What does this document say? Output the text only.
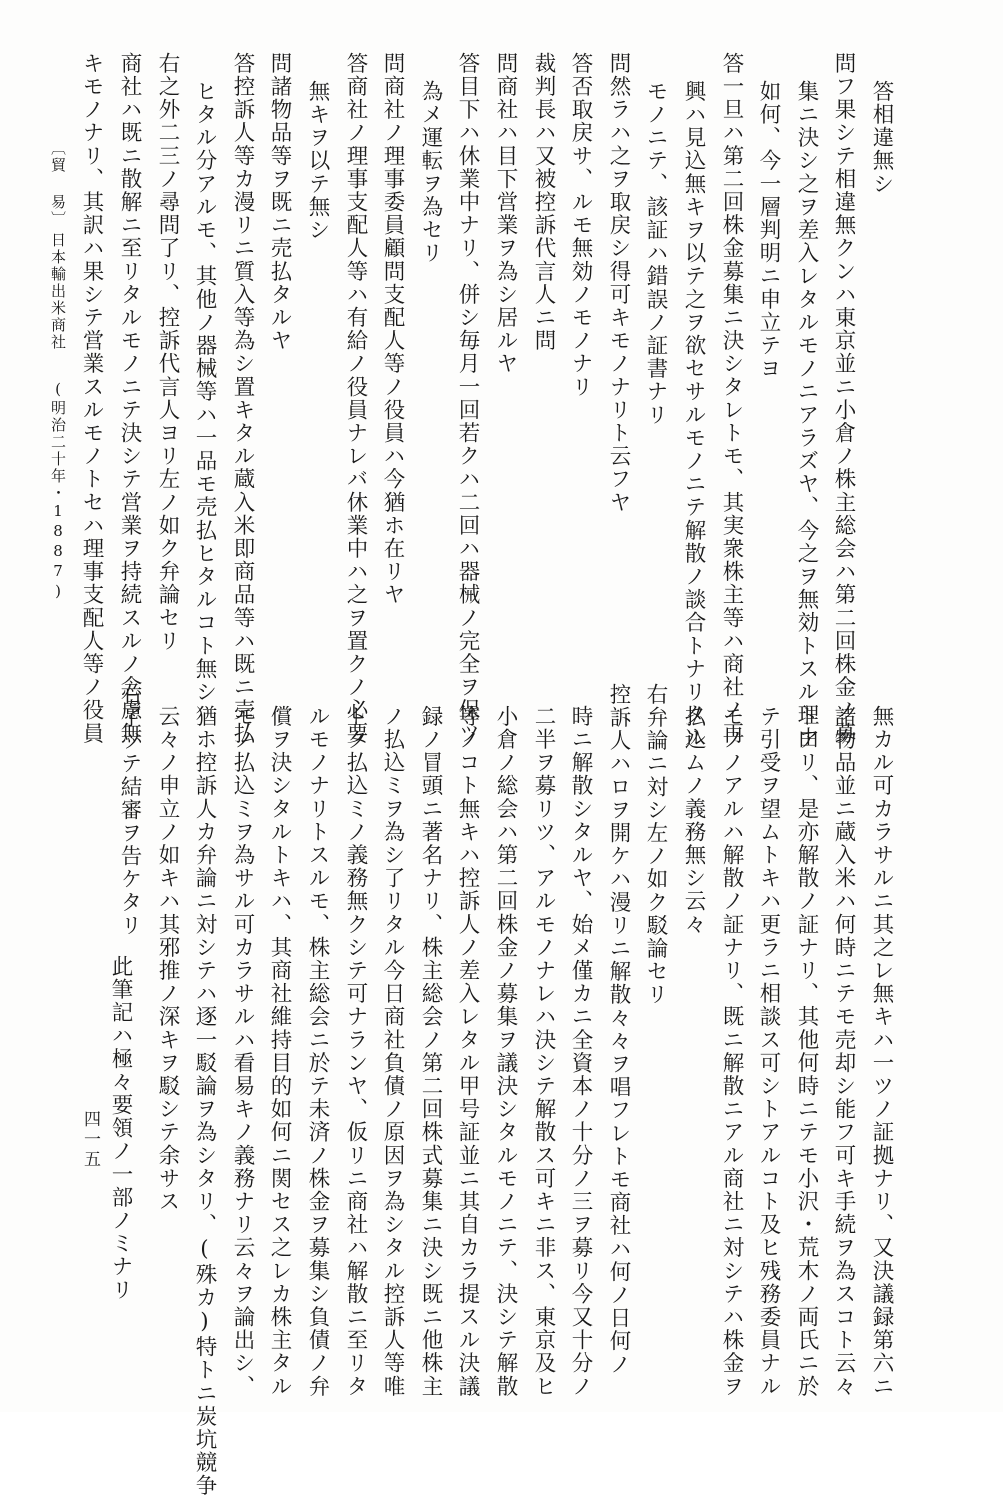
四一五
〔貿 易〕
日本輸出米商社
(明治二十年・1887)
此筆記ハ極々要領ノ一部ノミナリ
答相違無シ
問フ果シテ相違無クンハ東京並ニ小倉ノ株主総会ハ第二回株金ノ募
集ニ決シ之ヲ差入レタルモノニアラズヤ、今之ヲ無効トスル理由
如何、今一層判明ニ申立テヨ
答一旦ハ第二回株金募集ニ決シタレトモ、其実衆株主等ハ商社ノ再
興ハ見込無キヲ以テ之ヲ欲セサルモノニテ解散ノ談合トナリタル
モノニテ、該証ハ錯誤ノ証書ナリ
問然ラハ之ヲ取戻シ得可キモノナリト云フヤ
答否取戻サ、ルモ無効ノモノナリ
裁判長ハ又被控訴代言人ニ問
問商社ハ目下営業ヲ為シ居ルヤ
答目下ハ休業中ナリ、併シ毎月一回若クハ二回ハ器械ノ完全ヲ保ツ
為メ運転ヲ為セリ
問商社ノ理事委員顧問支配人等ノ役員ハ今猶ホ在リヤ
答商社ノ理事支配人等ハ有給ノ役員ナレバ休業中ハ之ヲ置クノ必要
無キヲ以テ無シ
問諸物品等ヲ既ニ売払タルヤ
答控訴人等カ漫リニ質入等為シ置キタル蔵入米即商品等ハ既ニ売払
ヒタル分アルモ、其他ノ器械等ハ一品モ売払ヒタルコト無シ
右之外二三ノ尋問了リ、控訴代言人ヨリ左ノ如ク弁論セリ
商社ハ既ニ散解ニ至リタルモノニテ決シテ営業ヲ持続スルノ念慮無
キモノナリ、其訳ハ果シテ営業スルモノトセハ理事支配人等ノ役員
無カル可カラサルニ其之レ無キハ一ツノ証拠ナリ、又決議録第六ニ
諸物品並ニ蔵入米ハ何時ニテモ売却シ能フ可キ手続ヲ為スコト云々
トアリ、是亦解散ノ証ナリ、其他何時ニテモ小沢・荒木ノ両氏ニ於
テ引受ヲ望ムトキハ更ラニ相談ス可シトアルコト及ヒ残務委員ナル
モノノアルハ解散ノ証ナリ、既ニ解散ニアル商社ニ対シテハ株金ヲ
払込ムノ義務無シ云々
右弁論ニ対シ左ノ如ク駁論セリ
控訴人ハロヲ開ケハ漫リニ解散々々ヲ唱フレトモ商社ハ何ノ日何ノ
時ニ解散シタルヤ、始メ僅カニ全資本ノ十分ノ三ヲ募リ今又十分ノ
二半ヲ募リツ、アルモノナレハ決シテ解散ス可キニ非ス、東京及ヒ
小倉ノ総会ハ第二回株金ノ募集ヲ議決シタルモノニテ、決シテ解散
等ノコト無キハ控訴人ノ差入レタル甲号証並ニ其自カラ提スル決議
録ノ冒頭ニ著名ナリ、株主総会ノ第二回株式募集ニ決シ既ニ他株主
ノ払込ミヲ為シ了リタル今日商社負債ノ原因ヲ為シタル控訴人等唯
トク払込ミノ義務無クシテ可ナランヤ、仮リニ商社ハ解散ニ至リタ
ルモノナリトスルモ、株主総会ニ於テ未済ノ株金ヲ募集シ負債ノ弁
償ヲ決シタルトキハ、其商社維持目的如何ニ関セス之レカ株主タル
モノ払込ミヲ為サル可カラサルハ看易キノ義務ナリ云々ヲ論出シ、
猶ホ控訴人カ弁論ニ対シテハ逐一駁論ヲ為シタリ、(殊カ)特トニ炭坑競争
云々ノ申立ノ如キハ其邪推ノ深キヲ駁シテ余サス
右了ツテ結審ヲ告ケタリ
